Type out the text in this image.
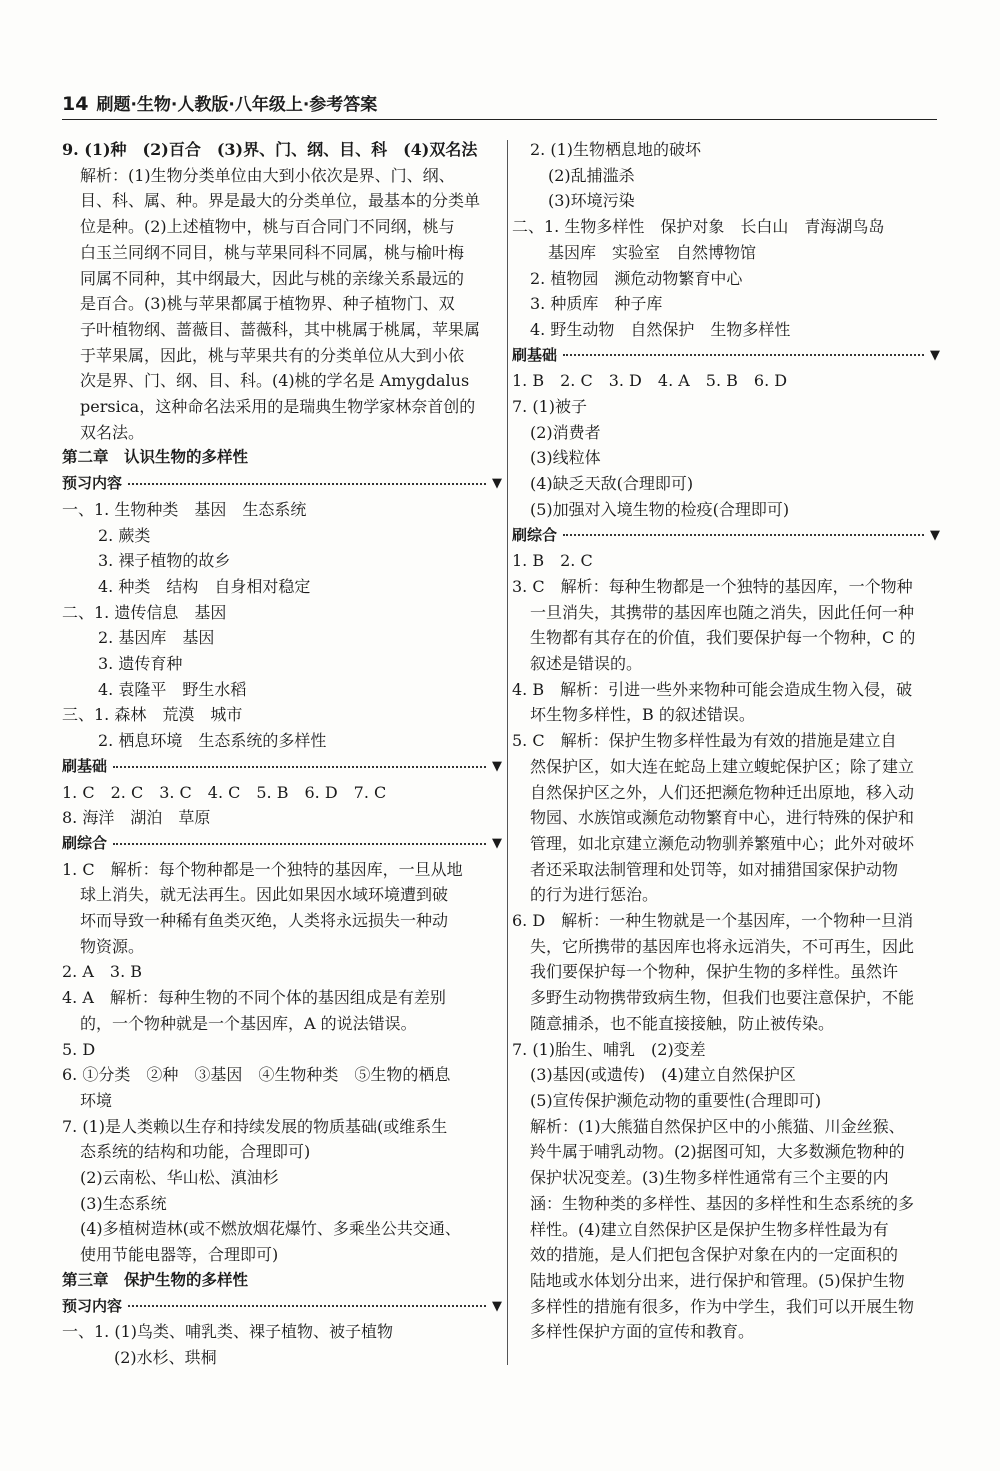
14 刷题·生物·人教版·八年级上·参考答案
9. (1)种　(2)百合　(3)界、门、纲、目、科　(4)双名法
解析：(1)生物分类单位由大到小依次是界、门、纲、
目、科、属、种。界是最大的分类单位，最基本的分类单
位是种。(2)上述植物中，桃与百合同门不同纲，桃与
白玉兰同纲不同目，桃与苹果同科不同属，桃与榆叶梅
同属不同种，其中纲最大，因此与桃的亲缘关系最远的
是百合。(3)桃与苹果都属于植物界、种子植物门、双
子叶植物纲、蔷薇目、蔷薇科，其中桃属于桃属，苹果属
于苹果属，因此，桃与苹果共有的分类单位从大到小依
次是界、门、纲、目、科。(4)桃的学名是 Amygdalus
persica，这种命名法采用的是瑞典生物学家林奈首创的
双名法。
第二章　认识生物的多样性
预习内容	▼
一、1. 生物种类　基因　生态系统
2. 蕨类
3. 裸子植物的故乡
4. 种类　结构　自身相对稳定
二、1. 遗传信息　基因
2. 基因库　基因
3. 遗传育种
4. 袁隆平　野生水稻
三、1. 森林　荒漠　城市
2. 栖息环境　生态系统的多样性
刷基础	▼
1. C　2. C　3. C　4. C　5. B　6. D　7. C
8. 海洋　湖泊　草原
刷综合	▼
1. C　解析：每个物种都是一个独特的基因库，一旦从地
球上消失，就无法再生。因此如果因水域环境遭到破
坏而导致一种稀有鱼类灭绝，人类将永远损失一种动
物资源。
2. A　3. B
4. A　解析：每种生物的不同个体的基因组成是有差别
的，一个物种就是一个基因库，A 的说法错误。
5. D
6. ①分类　②种　③基因　④生物种类　⑤生物的栖息
环境
7. (1)是人类赖以生存和持续发展的物质基础(或维系生
态系统的结构和功能，合理即可)
(2)云南松、华山松、滇油杉
(3)生态系统
(4)多植树造林(或不燃放烟花爆竹、多乘坐公共交通、
使用节能电器等，合理即可)
第三章　保护生物的多样性
预习内容	▼
一、1. (1)鸟类、哺乳类、裸子植物、被子植物
(2)水杉、珙桐
2. (1)生物栖息地的破坏
(2)乱捕滥杀
(3)环境污染
二、1. 生物多样性　保护对象　长白山　青海湖鸟岛
基因库　实验室　自然博物馆
2. 植物园　濒危动物繁育中心
3. 种质库　种子库
4. 野生动物　自然保护　生物多样性
刷基础	▼
1. B　2. C　3. D　4. A　5. B　6. D
7. (1)被子
(2)消费者
(3)线粒体
(4)缺乏天敌(合理即可)
(5)加强对入境生物的检疫(合理即可)
刷综合	▼
1. B　2. C
3. C　解析：每种生物都是一个独特的基因库，一个物种
一旦消失，其携带的基因库也随之消失，因此任何一种
生物都有其存在的价值，我们要保护每一个物种，C 的
叙述是错误的。
4. B　解析：引进一些外来物种可能会造成生物入侵，破
坏生物多样性，B 的叙述错误。
5. C　解析：保护生物多样性最为有效的措施是建立自
然保护区，如大连在蛇岛上建立蝮蛇保护区；除了建立
自然保护区之外，人们还把濒危物种迁出原地，移入动
物园、水族馆或濒危动物繁育中心，进行特殊的保护和
管理，如北京建立濒危动物驯养繁殖中心；此外对破坏
者还采取法制管理和处罚等，如对捕猎国家保护动物
的行为进行惩治。
6. D　解析：一种生物就是一个基因库，一个物种一旦消
失，它所携带的基因库也将永远消失，不可再生，因此
我们要保护每一个物种，保护生物的多样性。虽然许
多野生动物携带致病生物，但我们也要注意保护，不能
随意捕杀，也不能直接接触，防止被传染。
7. (1)胎生、哺乳　(2)变差
(3)基因(或遗传)　(4)建立自然保护区
(5)宣传保护濒危动物的重要性(合理即可)
解析：(1)大熊猫自然保护区中的小熊猫、川金丝猴、
羚牛属于哺乳动物。(2)据图可知，大多数濒危物种的
保护状况变差。(3)生物多样性通常有三个主要的内
涵：生物种类的多样性、基因的多样性和生态系统的多
样性。(4)建立自然保护区是保护生物多样性最为有
效的措施，是人们把包含保护对象在内的一定面积的
陆地或水体划分出来，进行保护和管理。(5)保护生物
多样性的措施有很多，作为中学生，我们可以开展生物
多样性保护方面的宣传和教育。
